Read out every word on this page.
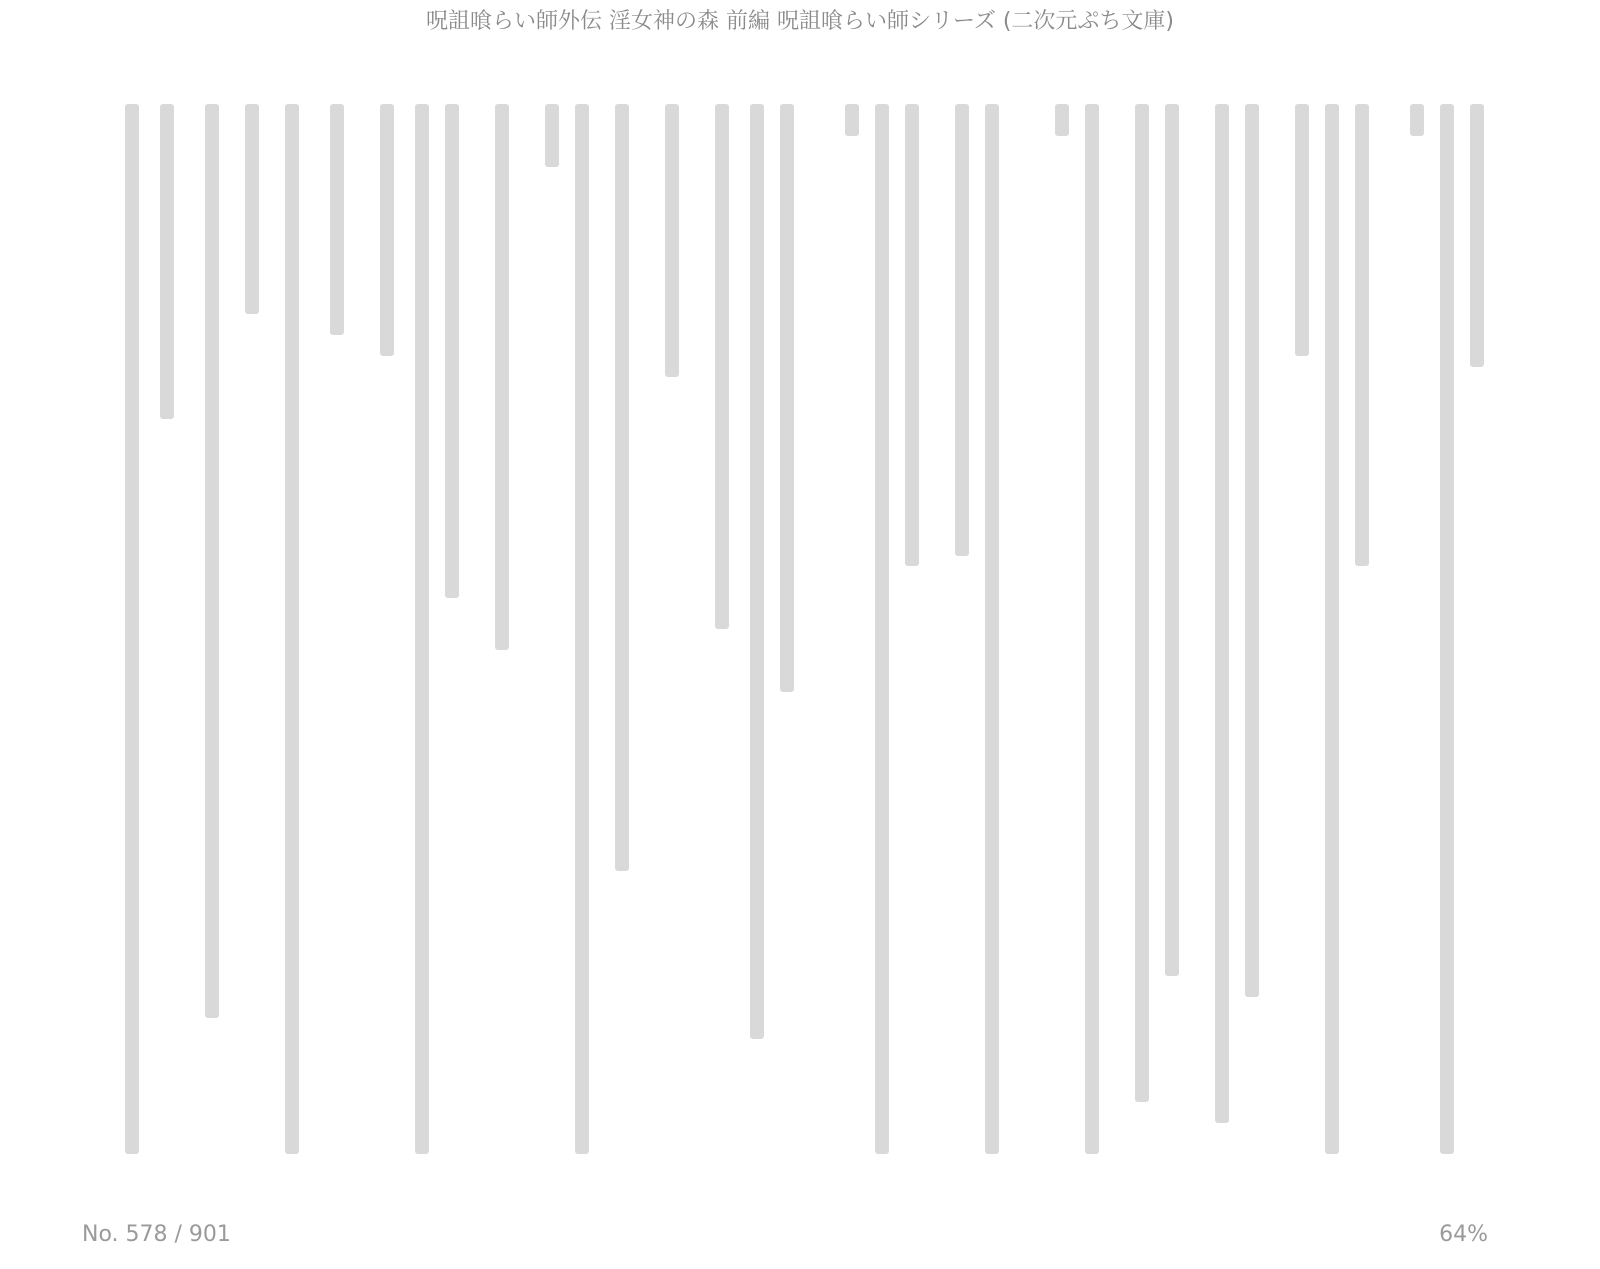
呪詛喰らい師外伝 淫女神の森 前編 呪詛喰らい師シリーズ (二次元ぷち文庫)
No. 578 / 901	64%
